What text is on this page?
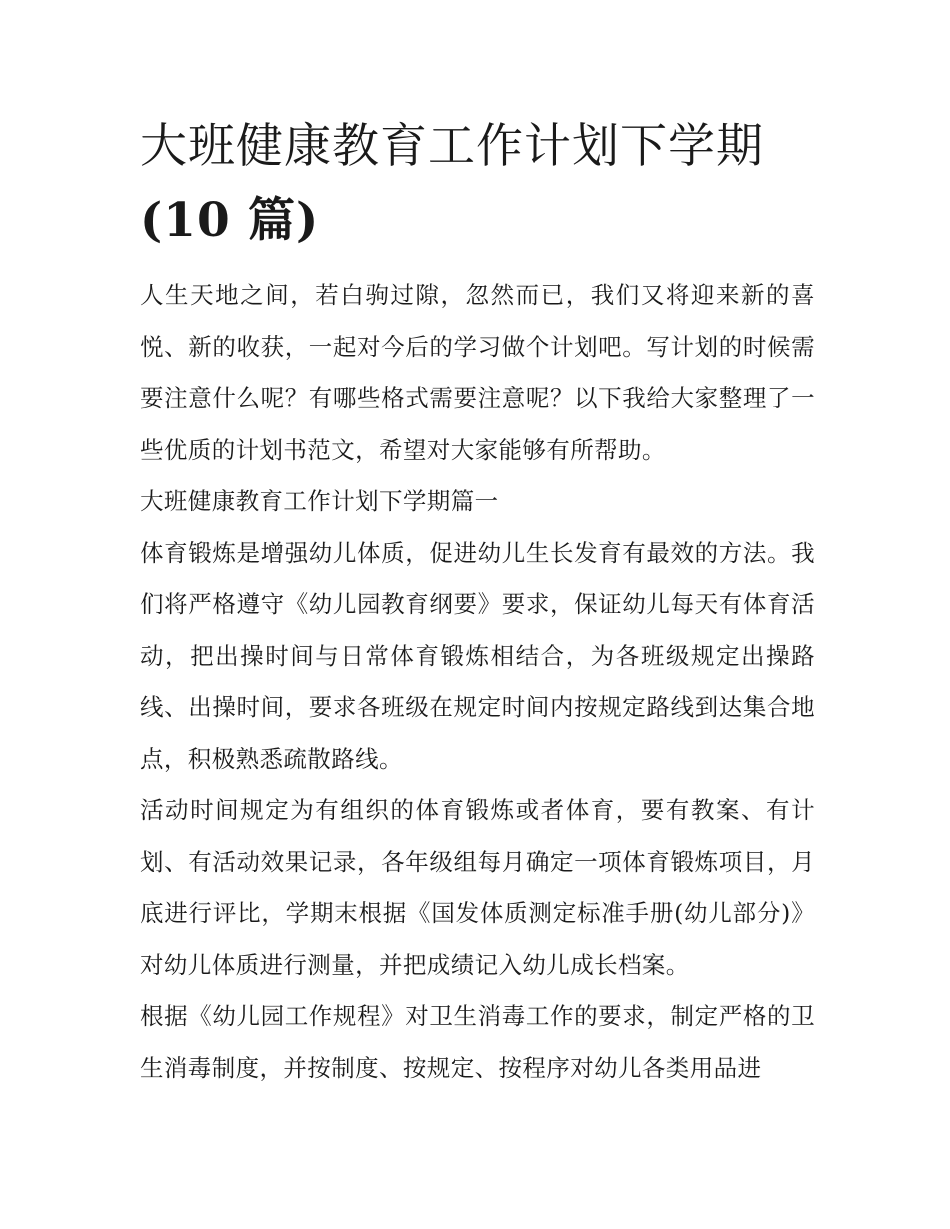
大班健康教育工作计划下学期
(10 篇)

人生天地之间，若白驹过隙，忽然而已，我们又将迎来新的喜悦、新的收获，一起对今后的学习做个计划吧。写计划的时候需要注意什么呢？有哪些格式需要注意呢？以下我给大家整理了一些优质的计划书范文，希望对大家能够有所帮助。

大班健康教育工作计划下学期篇一

体育锻炼是增强幼儿体质，促进幼儿生长发育有最效的方法。我们将严格遵守《幼儿园教育纲要》要求，保证幼儿每天有体育活动，把出操时间与日常体育锻炼相结合，为各班级规定出操路线、出操时间，要求各班级在规定时间内按规定路线到达集合地点，积极熟悉疏散路线。

活动时间规定为有组织的体育锻炼或者体育，要有教案、有计划、有活动效果记录，各年级组每月确定一项体育锻炼项目，月底进行评比，学期末根据《国发体质测定标准手册(幼儿部分)》对幼儿体质进行测量，并把成绩记入幼儿成长档案。

根据《幼儿园工作规程》对卫生消毒工作的要求，制定严格的卫生消毒制度，并按制度、按规定、按程序对幼儿各类用品进
